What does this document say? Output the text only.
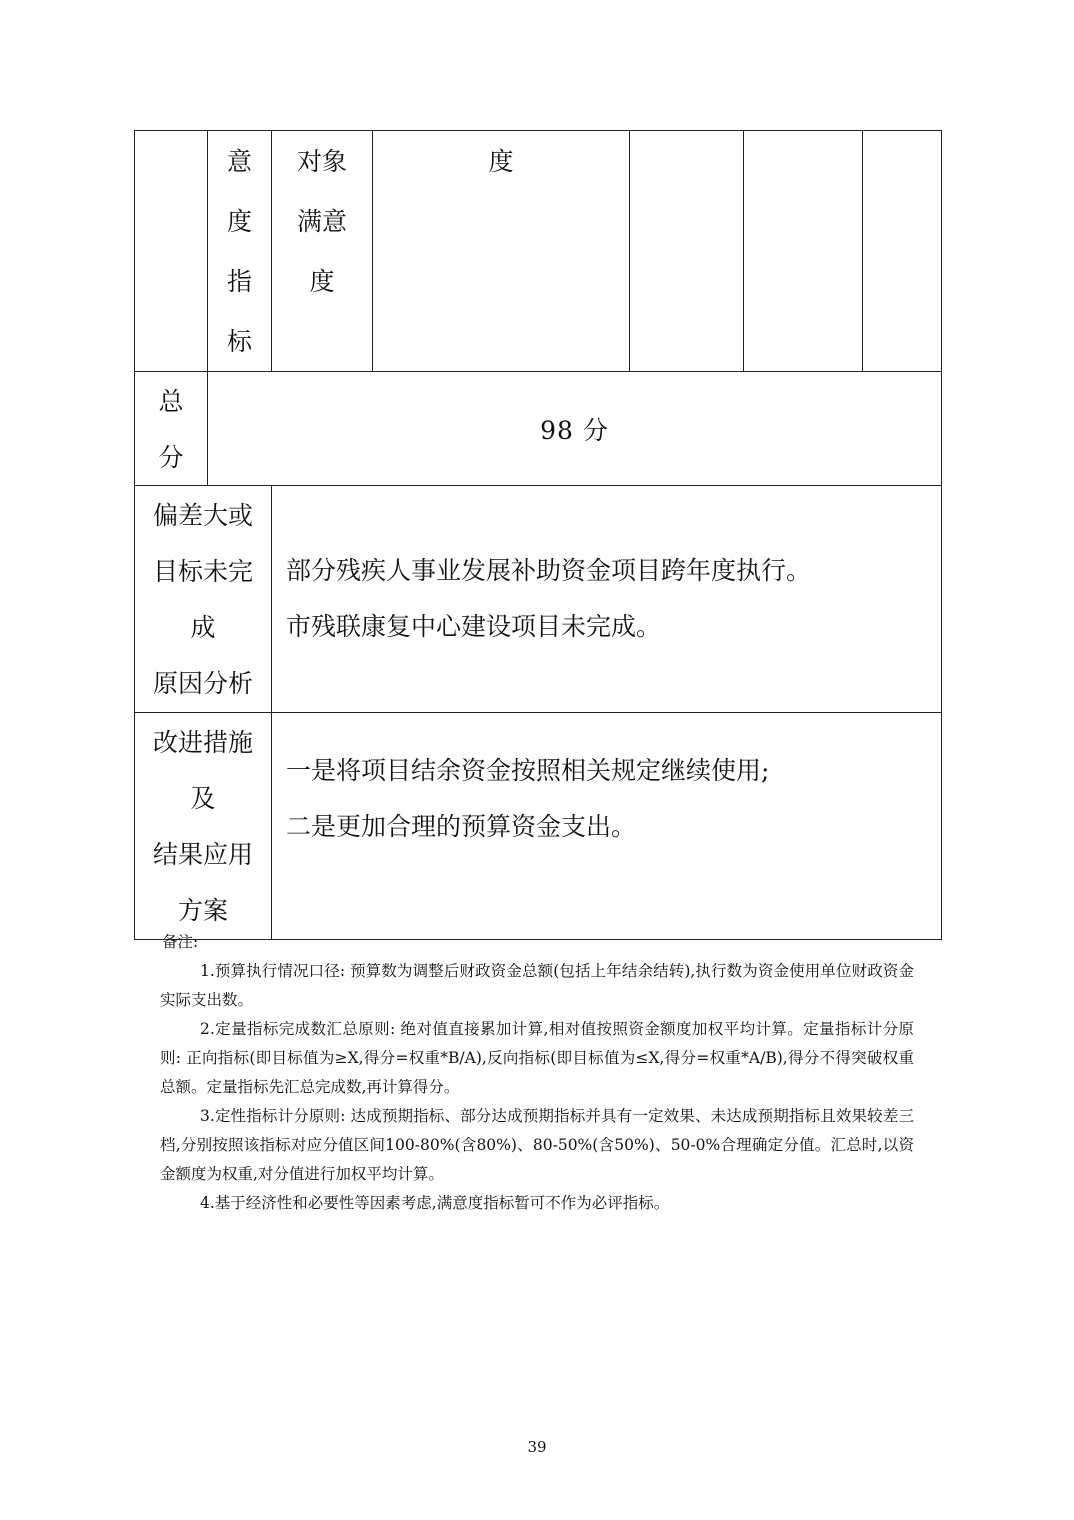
	意
度
指
标	对象
满意
度	度			

总
分	98 分					

偏差大或
目标未完
成
原因分析		部分残疾人事业发展补助资金项目跨年度执行。
市残联康复中心建设项目未完成。				

改进措施
及
结果应用
方案		一是将项目结余资金按照相关规定继续使用;
二是更加合理的预算资金支出。				
备注:
1.预算执行情况口径: 预算数为调整后财政资金总额(包括上年结余结转),执行数为资金使用单位财政资金实际支出数。
2.定量指标完成数汇总原则: 绝对值直接累加计算,相对值按照资金额度加权平均计算。定量指标计分原则: 正向指标(即目标值为≥X,得分=权重*B/A),反向指标(即目标值为≤X,得分=权重*A/B),得分不得突破权重总额。定量指标先汇总完成数,再计算得分。
3.定性指标计分原则: 达成预期指标、部分达成预期指标并具有一定效果、未达成预期指标且效果较差三档,分别按照该指标对应分值区间100-80%(含80%)、80-50%(含50%)、50-0%合理确定分值。汇总时,以资金额度为权重,对分值进行加权平均计算。
4.基于经济性和必要性等因素考虑,满意度指标暂可不作为必评指标。
39
